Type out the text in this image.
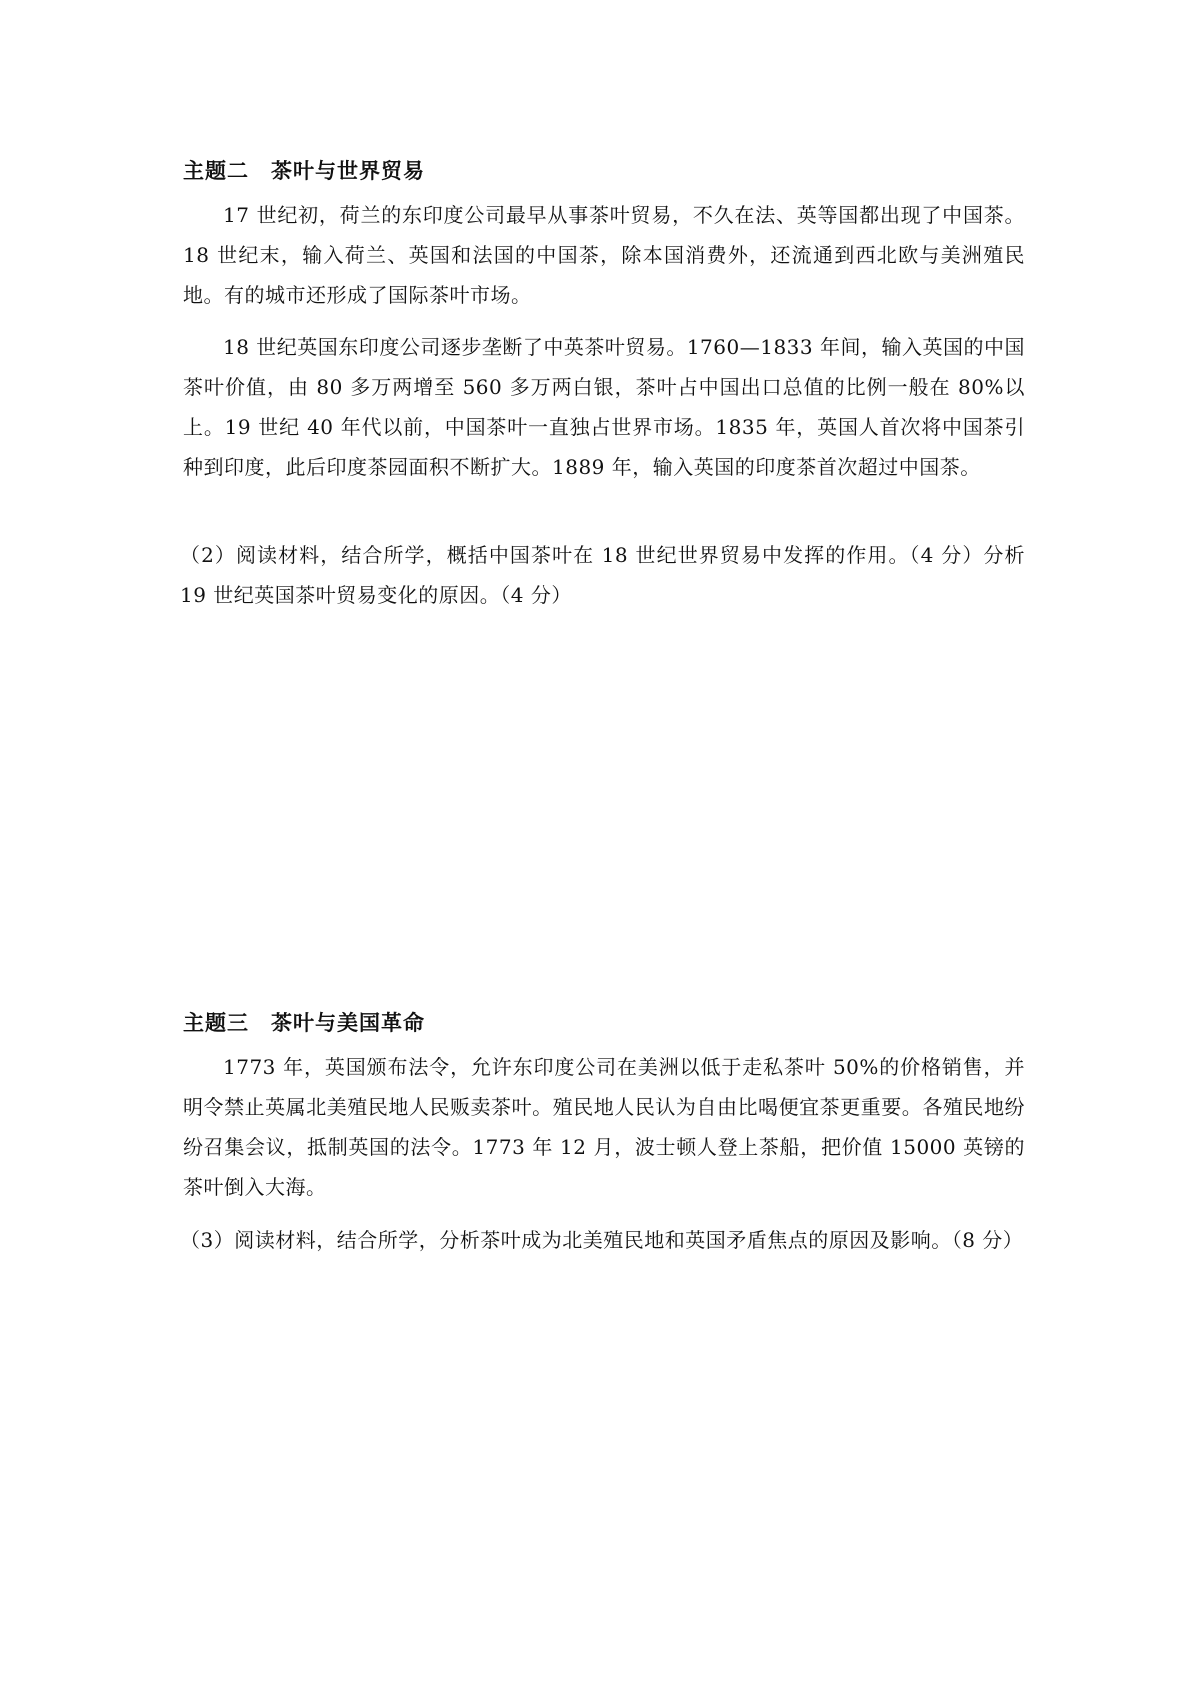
主题二　茶叶与世界贸易
17 世纪初，荷兰的东印度公司最早从事茶叶贸易，不久在法、英等国都出现了中国茶。18 世纪末，输入荷兰、英国和法国的中国茶，除本国消费外，还流通到西北欧与美洲殖民地。有的城市还形成了国际茶叶市场。
18 世纪英国东印度公司逐步垄断了中英茶叶贸易。1760—1833 年间，输入英国的中国茶叶价值，由 80 多万两增至 560 多万两白银，茶叶占中国出口总值的比例一般在 80%以上。19 世纪 40 年代以前，中国茶叶一直独占世界市场。1835 年，英国人首次将中国茶引种到印度，此后印度茶园面积不断扩大。1889 年，输入英国的印度茶首次超过中国茶。
（2）阅读材料，结合所学，概括中国茶叶在 18 世纪世界贸易中发挥的作用。（4 分）分析 19 世纪英国茶叶贸易变化的原因。（4 分）
主题三　茶叶与美国革命
1773 年，英国颁布法令，允许东印度公司在美洲以低于走私茶叶 50%的价格销售，并明令禁止英属北美殖民地人民贩卖茶叶。殖民地人民认为自由比喝便宜茶更重要。各殖民地纷纷召集会议，抵制英国的法令。1773 年 12 月，波士顿人登上茶船，把价值 15000 英镑的茶叶倒入大海。
（3）阅读材料，结合所学，分析茶叶成为北美殖民地和英国矛盾焦点的原因及影响。（8 分）
